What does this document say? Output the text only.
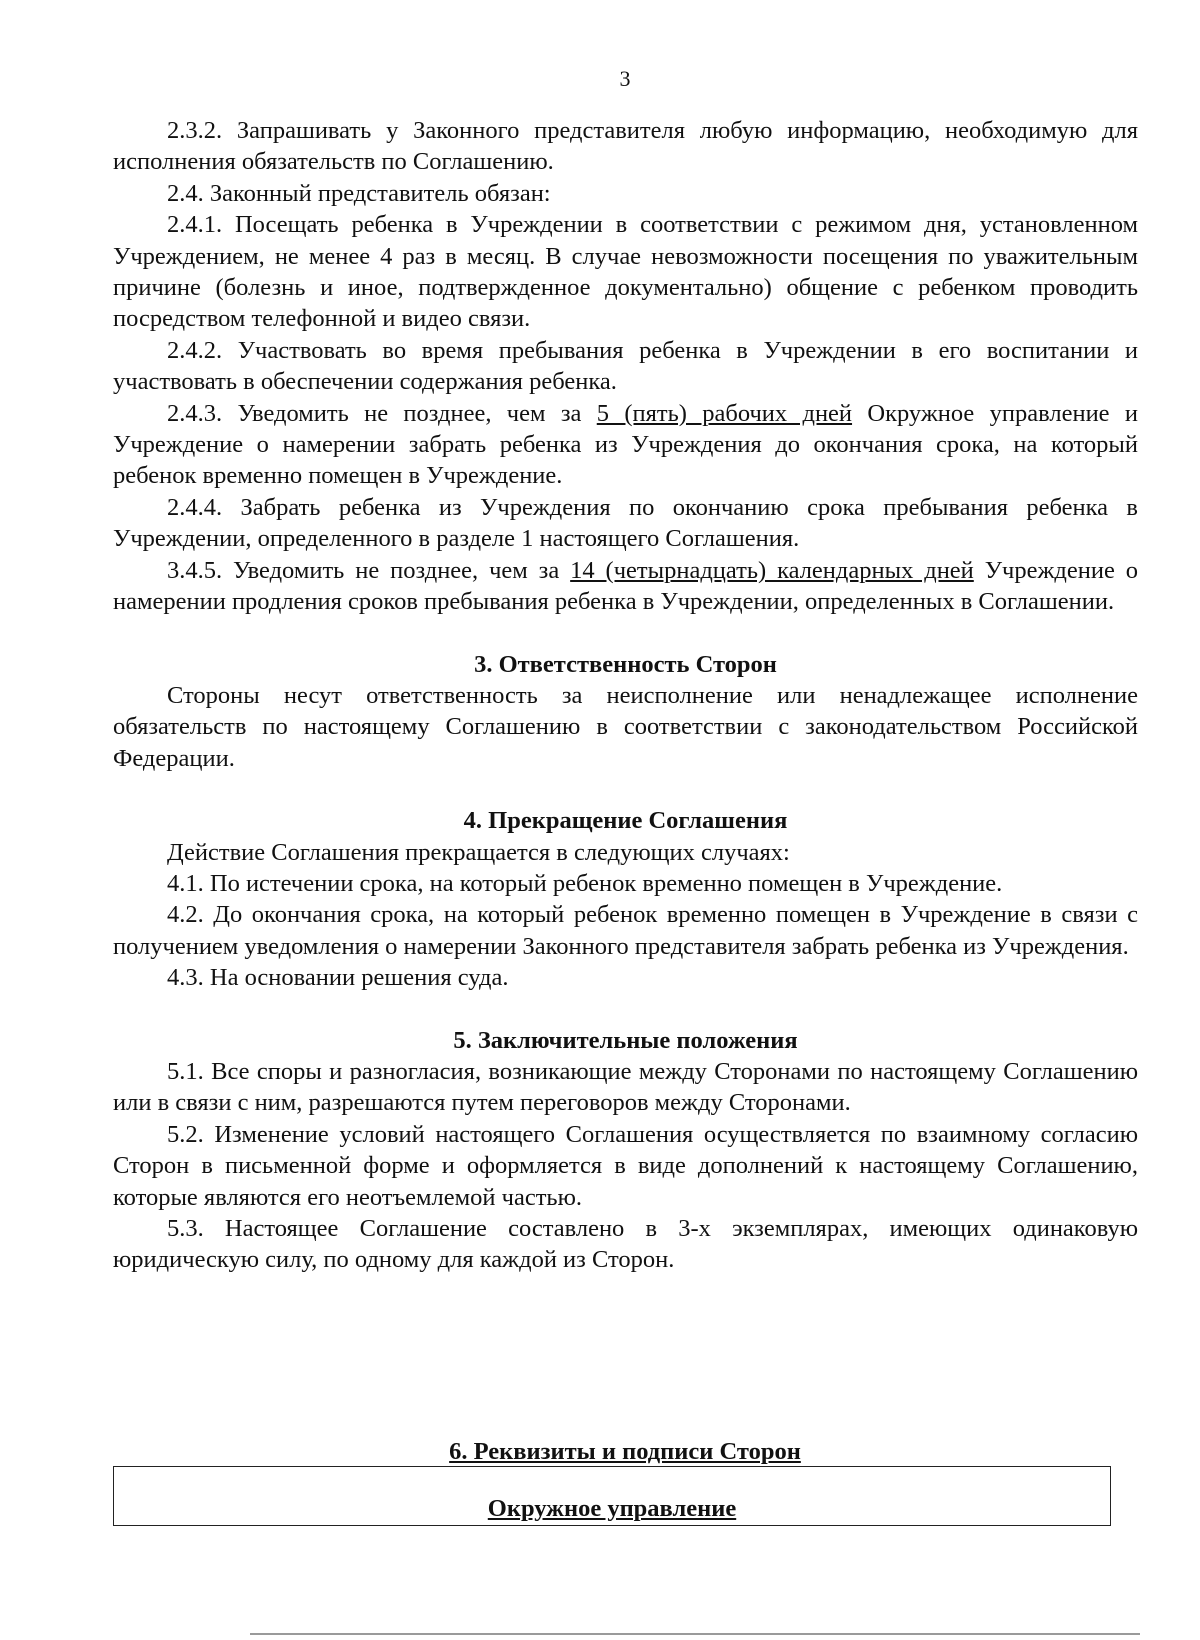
3

2.3.2. Запрашивать у Законного представителя любую информацию, необходимую для исполнения обязательств по Соглашению.

2.4. Законный представитель обязан:

2.4.1. Посещать ребенка в Учреждении в соответствии с режимом дня, установленном Учреждением, не менее 4 раз в месяц. В случае невозможности посещения по уважительным причине (болезнь и иное, подтвержденное документально) общение с ребенком проводить посредством телефонной и видео связи.

2.4.2. Участвовать во время пребывания ребенка в Учреждении в его воспитании и участвовать в обеспечении содержания ребенка.

2.4.3. Уведомить не позднее, чем за 5 (пять) рабочих дней Окружное управление и Учреждение о намерении забрать ребенка из Учреждения до окончания срока, на который ребенок временно помещен в Учреждение.

2.4.4. Забрать ребенка из Учреждения по окончанию срока пребывания ребенка в Учреждении, определенного в разделе 1 настоящего Соглашения.

3.4.5. Уведомить не позднее, чем за 14 (четырнадцать) календарных дней Учреждение о намерении продления сроков пребывания ребенка в Учреждении, определенных в Соглашении.

3. Ответственность Сторон

Стороны несут ответственность за неисполнение или ненадлежащее исполнение обязательств по настоящему Соглашению в соответствии с законодательством Российской Федерации.

4. Прекращение Соглашения

Действие Соглашения прекращается в следующих случаях:

4.1. По истечении срока, на который ребенок временно помещен в Учреждение.

4.2. До окончания срока, на который ребенок временно помещен в Учреждение в связи с получением уведомления о намерении Законного представителя забрать ребенка из Учреждения.

4.3. На основании решения суда.

5. Заключительные положения

5.1. Все споры и разногласия, возникающие между Сторонами по настоящему Соглашению или в связи с ним, разрешаются путем переговоров между Сторонами.

5.2. Изменение условий настоящего Соглашения осуществляется по взаимному согласию Сторон в письменной форме и оформляется в виде дополнений к настоящему Соглашению, которые являются его неотъемлемой частью.

5.3. Настоящее Соглашение составлено в 3-х экземплярах, имеющих одинаковую юридическую силу, по одному для каждой из Сторон.

6. Реквизиты и подписи Сторон
Окружное управление
